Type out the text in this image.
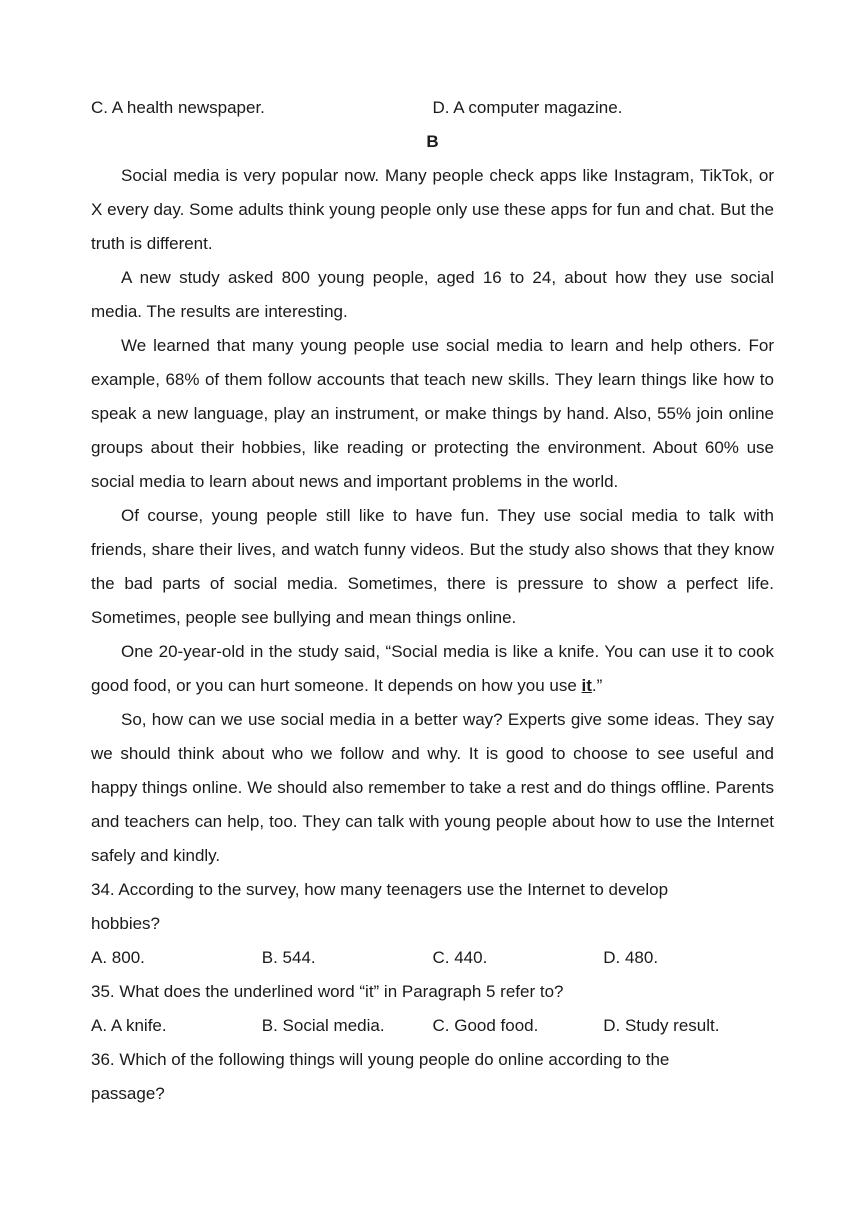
C. A health newspaper.	D. A computer magazine.
B

Social media is very popular now. Many people check apps like Instagram, TikTok, or X every day. Some adults think young people only use these apps for fun and chat. But the truth is different.

A new study asked 800 young people, aged 16 to 24, about how they use social media. The results are interesting.

We learned that many young people use social media to learn and help others. For example, 68% of them follow accounts that teach new skills. They learn things like how to speak a new language, play an instrument, or make things by hand. Also, 55% join online groups about their hobbies, like reading or protecting the environment. About 60% use social media to learn about news and important problems in the world.

Of course, young people still like to have fun. They use social media to talk with friends, share their lives, and watch funny videos. But the study also shows that they know the bad parts of social media. Sometimes, there is pressure to show a perfect life. Sometimes, people see bullying and mean things online.

One 20-year-old in the study said, “Social media is like a knife. You can use it to cook good food, or you can hurt someone. It depends on how you use it.”

So, how can we use social media in a better way? Experts give some ideas. They say we should think about who we follow and why. It is good to choose to see useful and happy things online. We should also remember to take a rest and do things offline. Parents and teachers can help, too. They can talk with young people about how to use the Internet safely and kindly.

34. According to the survey, how many teenagers use the Internet to develop hobbies?

A. 800.	B. 544.	C. 440.	D. 480.

35. What does the underlined word “it” in Paragraph 5 refer to?

A. A knife.	B. Social media.	C. Good food.	D. Study result.

36. Which of the following things will young people do online according to the passage?
